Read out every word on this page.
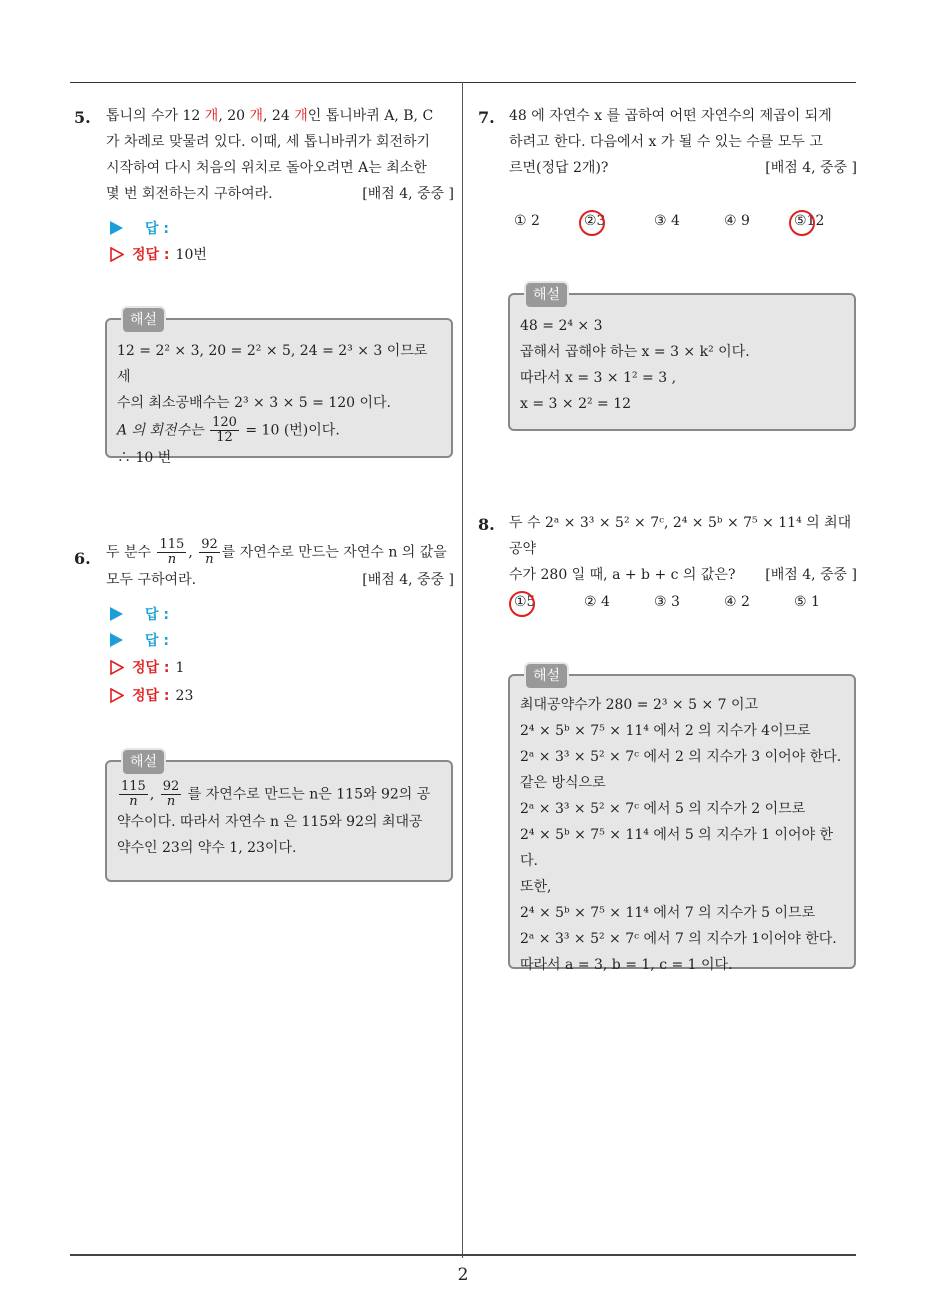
2
5. 톱니의 수가 12 개, 20 개, 24 개인 톱니바퀴 A, B, C
가 차례로 맞물려 있다. 이때, 세 톱니바퀴가 회전하기
시작하여 다시 처음의 위치로 돌아오려면 A는 최소한
몇 번 회전하는지 구하여라.	[배점 4, 중중 ]
답 :
정답 : 10번
해설
12 = 2² × 3, 20 = 2² × 5, 24 = 2³ × 3 이므로 세
수의 최소공배수는 2³ × 3 × 5 = 120 이다.
A 의 회전수는 $\frac{120}{12} = 10$ (번)이다.
∴ 10 번
6. 두 분수 $\frac{115}{n}$ , $\frac{92}{n}$ 를 자연수로 만드는 자연수 n 의 값을
모두 구하여라.	[배점 4, 중중 ]
답 :
답 :
정답 : 1
정답 : 23
해설
$\frac{115}{n}$ , $\frac{92}{n}$ 를 자연수로 만드는 n은 115와 92의 공
약수이다. 따라서 자연수 n 은 115와 92의 최대공
약수인 23의 약수 1, 23이다.
7. 48 에 자연수 x 를 곱하여 어떤 자연수의 제곱이 되게
하려고 한다. 다음에서 x 가 될 수 있는 수를 모두 고
르면(정답 2개)?	[배점 4, 중중 ]
① 2	②3	③ 4	④ 9	⑤12
해설
48 = 2⁴ × 3
곱해서 곱해야 하는 x = 3 × k² 이다.
따라서 x = 3 × 1² = 3 ,
x = 3 × 2² = 12
8. 두 수 2ᵃ × 3³ × 5² × 7ᶜ, 2⁴ × 5ᵇ × 7⁵ × 11⁴ 의 최대공약
수가 280 일 때, a + b + c 의 값은? [배점 4, 중중 ]
①5	② 4	③ 3	④ 2	⑤ 1
해설
최대공약수가 280 = 2³ × 5 × 7 이고
2⁴ × 5ᵇ × 7⁵ × 11⁴ 에서 2 의 지수가 4이므로
2ᵃ × 3³ × 5² × 7ᶜ 에서 2 의 지수가 3 이어야 한다.
같은 방식으로
2ᵃ × 3³ × 5² × 7ᶜ 에서 5 의 지수가 2 이므로
2⁴ × 5ᵇ × 7⁵ × 11⁴ 에서 5 의 지수가 1 이어야 한다.
또한,
2⁴ × 5ᵇ × 7⁵ × 11⁴ 에서 7 의 지수가 5 이므로
2ᵃ × 3³ × 5² × 7ᶜ 에서 7 의 지수가 1이어야 한다.
따라서 a = 3, b = 1, c = 1 이다.
